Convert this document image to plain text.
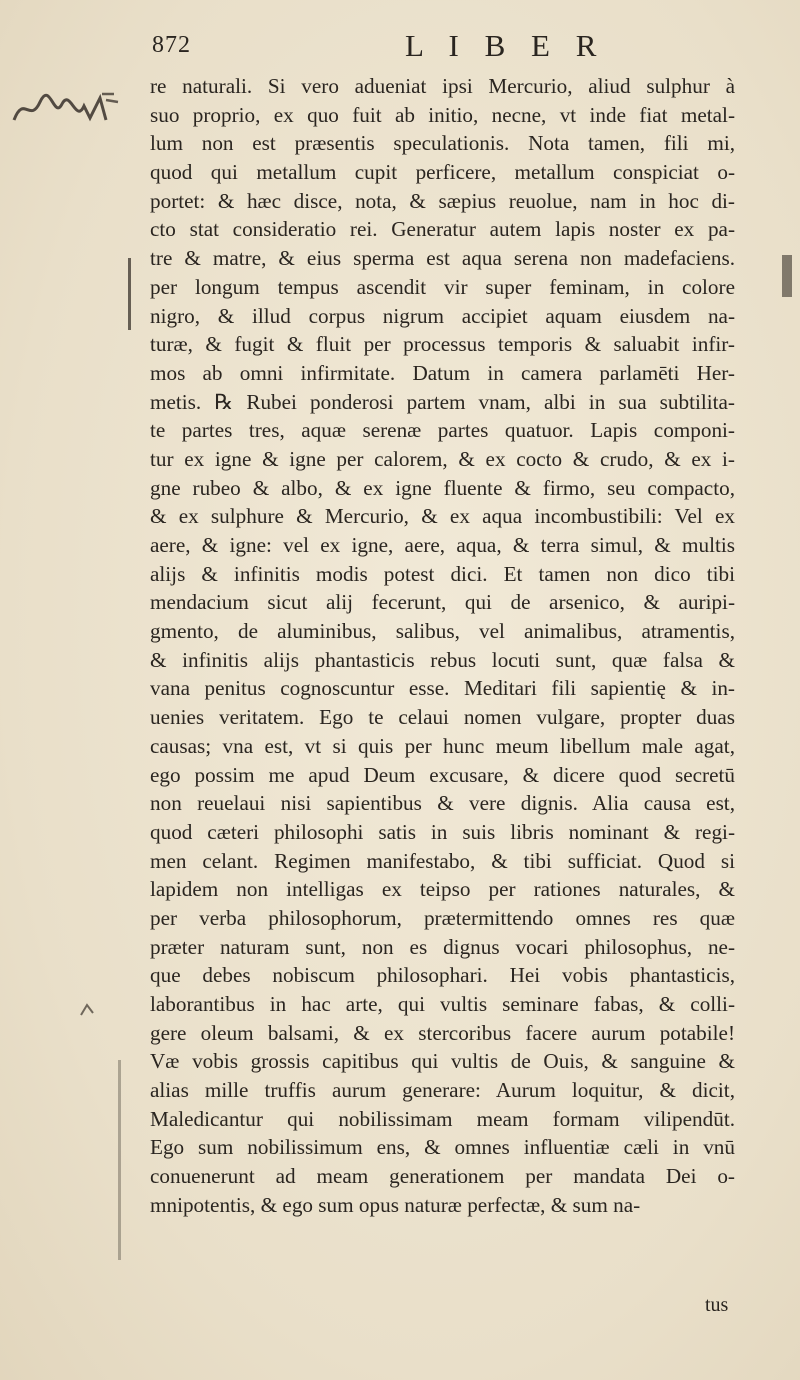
872	L I B E R
re naturali. Si vero adueniat ipsi Mercurio, aliud sulphur à
suo proprio, ex quo fuit ab initio, necne, vt inde fiat metal-
lum non est præsentis speculationis. Nota tamen, fili mi,
quod qui metallum cupit perficere, metallum conspiciat o-
portet: & hæc disce, nota, & sæpius reuolue, nam in hoc di-
cto stat consideratio rei. Generatur autem lapis noster ex pa-
tre & matre, & eius sperma est aqua serena non madefaciens.
per longum tempus ascendit vir super feminam, in colore
nigro, & illud corpus nigrum accipiet aquam eiusdem na-
turæ, & fugit & fluit per processus temporis & saluabit infir-
mos ab omni infirmitate. Datum in camera parlamēti Her-
metis. ℞ Rubei ponderosi partem vnam, albi in sua subtilita-
te partes tres, aquæ serenæ partes quatuor. Lapis componi-
tur ex igne & igne per calorem, & ex cocto & crudo, & ex i-
gne rubeo & albo, & ex igne fluente & firmo, seu compacto,
& ex sulphure & Mercurio, & ex aqua incombustibili: Vel ex
aere, & igne: vel ex igne, aere, aqua, & terra simul, & multis
alijs & infinitis modis potest dici. Et tamen non dico tibi
mendacium sicut alij fecerunt, qui de arsenico, & auripi-
gmento, de aluminibus, salibus, vel animalibus, atramentis,
& infinitis alijs phantasticis rebus locuti sunt, quæ falsa &
vana penitus cognoscuntur esse. Meditari fili sapientię & in-
uenies veritatem. Ego te celaui nomen vulgare, propter duas
causas; vna est, vt si quis per hunc meum libellum male agat,
ego possim me apud Deum excusare, & dicere quod secretū
non reuelaui nisi sapientibus & vere dignis. Alia causa est,
quod cæteri philosophi satis in suis libris nominant & regi-
men celant. Regimen manifestabo, & tibi sufficiat. Quod si
lapidem non intelligas ex teipso per rationes naturales, &
per verba philosophorum, prætermittendo omnes res quæ
præter naturam sunt, non es dignus vocari philosophus, ne-
que debes nobiscum philosophari. Hei vobis phantasticis,
laborantibus in hac arte, qui vultis seminare fabas, & colli-
gere oleum balsami, & ex stercoribus facere aurum potabile!
Væ vobis grossis capitibus qui vultis de Ouis, & sanguine &
alias mille truffis aurum generare: Aurum loquitur, & dicit,
Maledicantur qui nobilissimam meam formam vilipendūt.
Ego sum nobilissimum ens, & omnes influentiæ cæli in vnū
conuenerunt ad meam generationem per mandata Dei o-
mnipotentis, & ego sum opus naturæ perfectæ, & sum na-
tus
